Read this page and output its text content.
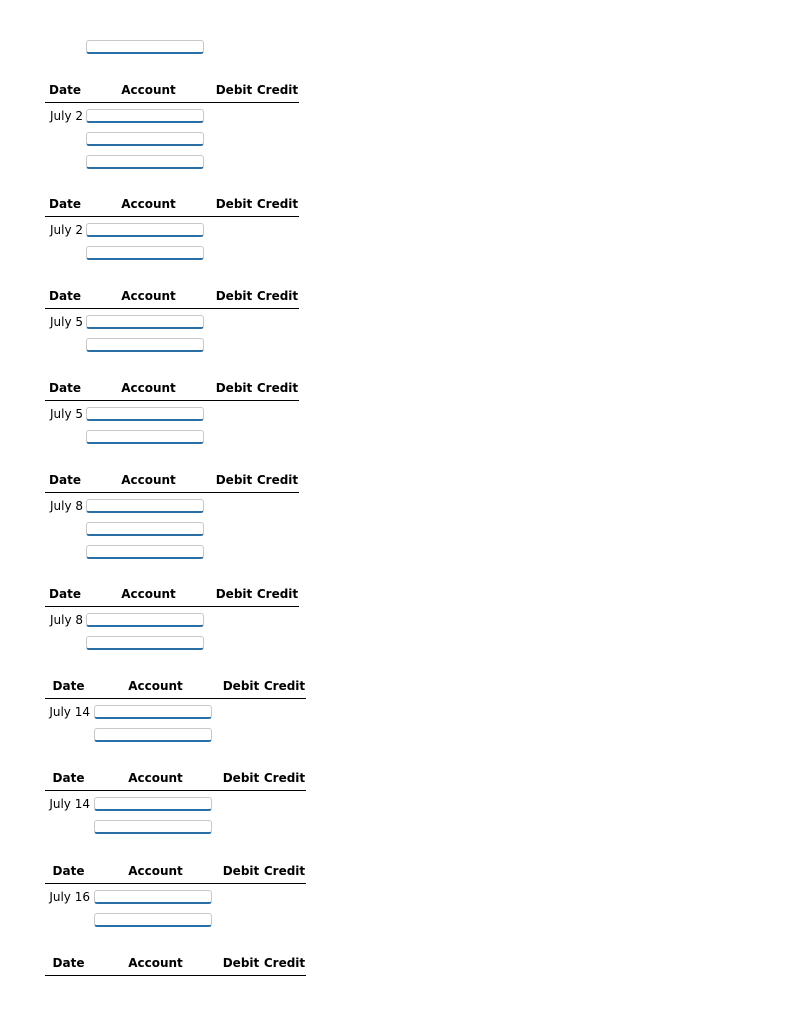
Date	Account	Debit Credit
July 2
Date	Account	Debit Credit
July 2
Date	Account	Debit Credit
July 5
Date	Account	Debit Credit
July 5
Date	Account	Debit Credit
July 8
Date	Account	Debit Credit
July 8
Date	Account	Debit Credit
July 14
Date	Account	Debit Credit
July 14
Date	Account	Debit Credit
July 16
Date	Account	Debit Credit
